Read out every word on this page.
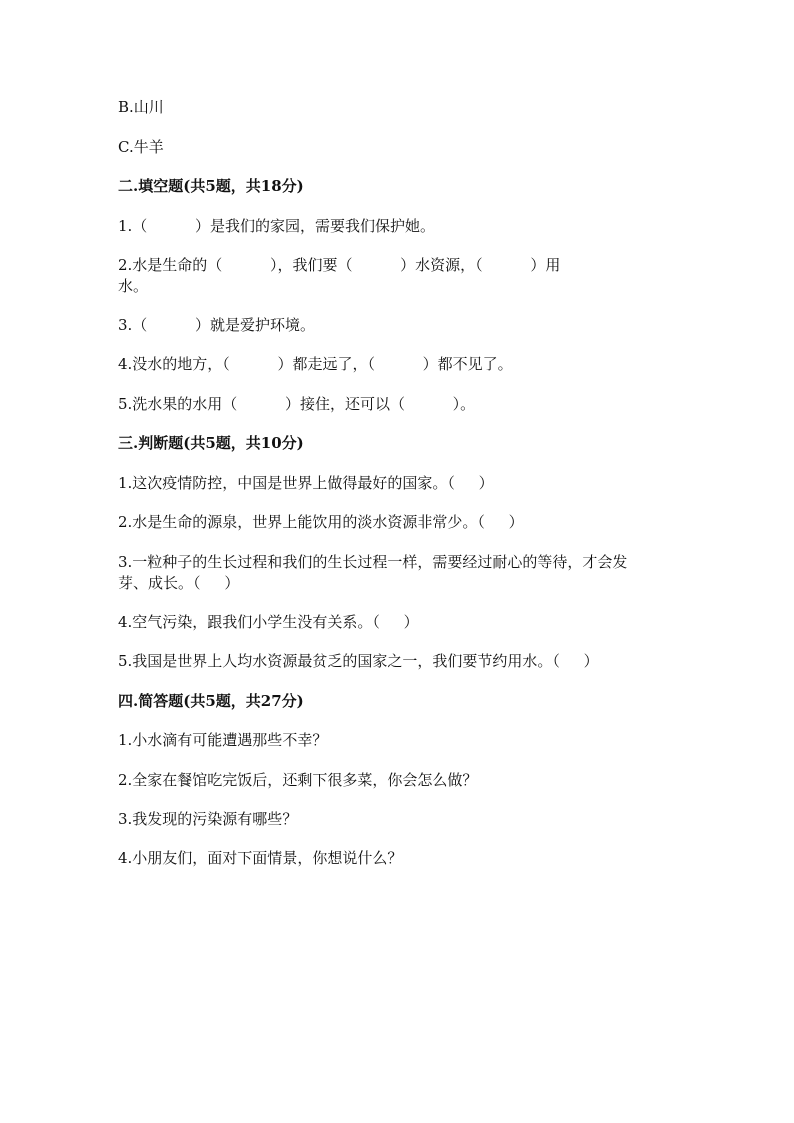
B.山川
C.牛羊
二.填空题(共5题，共18分)
1.（          ）是我们的家园，需要我们保护她。
2.水是生命的（          ），我们要（          ）水资源，（          ）用
水。
3.（          ）就是爱护环境。
4.没水的地方，（          ）都走远了，（          ）都不见了。
5.洗水果的水用（          ）接住，还可以（          ）。
三.判断题(共5题，共10分)
1.这次疫情防控，中国是世界上做得最好的国家。（     ）
2.水是生命的源泉，世界上能饮用的淡水资源非常少。（     ）
3.一粒种子的生长过程和我们的生长过程一样，需要经过耐心的等待，才会发
芽、成长。（     ）
4.空气污染，跟我们小学生没有关系。（     ）
5.我国是世界上人均水资源最贫乏的国家之一，我们要节约用水。（     ）
四.简答题(共5题，共27分)
1.小水滴有可能遭遇那些不幸？
2.全家在餐馆吃完饭后，还剩下很多菜，你会怎么做？
3.我发现的污染源有哪些？
4.小朋友们，面对下面情景，你想说什么？
